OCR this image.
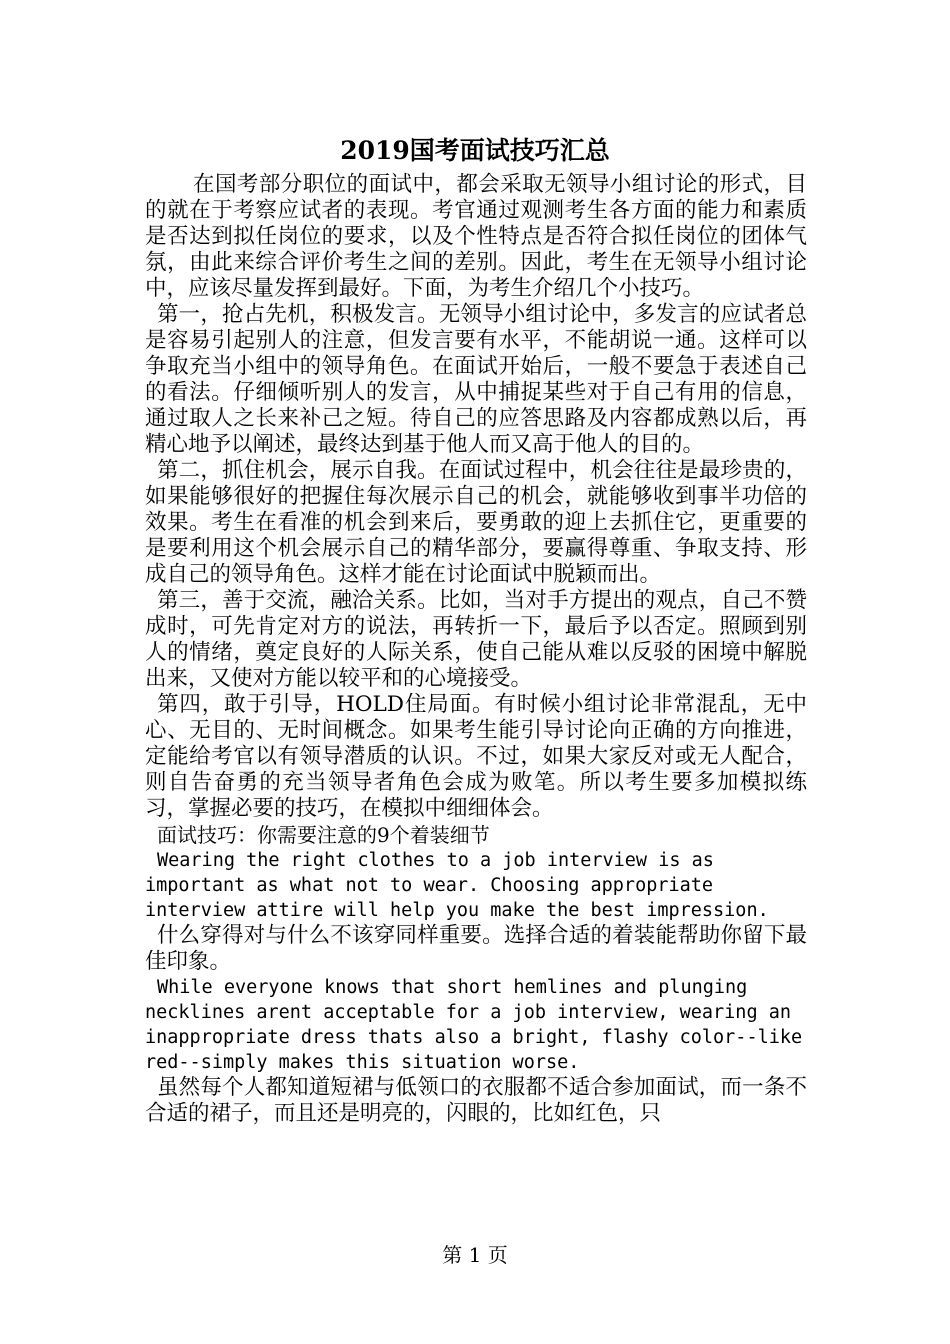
2019国考面试技巧汇总

在国考部分职位的面试中，都会采取无领导小组讨论的形式，目的就在于考察应试者的表现。考官通过观测考生各方面的能力和素质是否达到拟任岗位的要求，以及个性特点是否符合拟任岗位的团体气氛，由此来综合评价考生之间的差别。因此，考生在无领导小组讨论中，应该尽量发挥到最好。下面，为考生介绍几个小技巧。

第一，抢占先机，积极发言。无领导小组讨论中，多发言的应试者总是容易引起别人的注意，但发言要有水平，不能胡说一通。这样可以争取充当小组中的领导角色。在面试开始后，一般不要急于表述自己的看法。仔细倾听别人的发言，从中捕捉某些对于自己有用的信息，通过取人之长来补己之短。待自己的应答思路及内容都成熟以后，再精心地予以阐述，最终达到基于他人而又高于他人的目的。

第二，抓住机会，展示自我。在面试过程中，机会往往是最珍贵的，如果能够很好的把握住每次展示自己的机会，就能够收到事半功倍的效果。考生在看准的机会到来后，要勇敢的迎上去抓住它，更重要的是要利用这个机会展示自己的精华部分，要赢得尊重、争取支持、形成自己的领导角色。这样才能在讨论面试中脱颖而出。

第三，善于交流，融洽关系。比如，当对手方提出的观点，自己不赞成时，可先肯定对方的说法，再转折一下，最后予以否定。照顾到别人的情绪，奠定良好的人际关系，使自己能从难以反驳的困境中解脱出来，又使对方能以较平和的心境接受。

第四，敢于引导，HOLD住局面。有时候小组讨论非常混乱，无中心、无目的、无时间概念。如果考生能引导讨论向正确的方向推进，定能给考官以有领导潜质的认识。不过，如果大家反对或无人配合，则自告奋勇的充当领导者角色会成为败笔。所以考生要多加模拟练习，掌握必要的技巧，在模拟中细细体会。

面试技巧：你需要注意的9个着装细节

Wearing the right clothes to a job interview is as important as what not to wear. Choosing appropriate interview attire will help you make the best impression.

什么穿得对与什么不该穿同样重要。选择合适的着装能帮助你留下最佳印象。

While everyone knows that short hemlines and plunging necklines arent acceptable for a job interview, wearing an inappropriate dress thats also a bright, flashy color--like red--simply makes this situation worse.

虽然每个人都知道短裙与低领口的衣服都不适合参加面试，而一条不合适的裙子，而且还是明亮的，闪眼的，比如红色，只

第 1 页
